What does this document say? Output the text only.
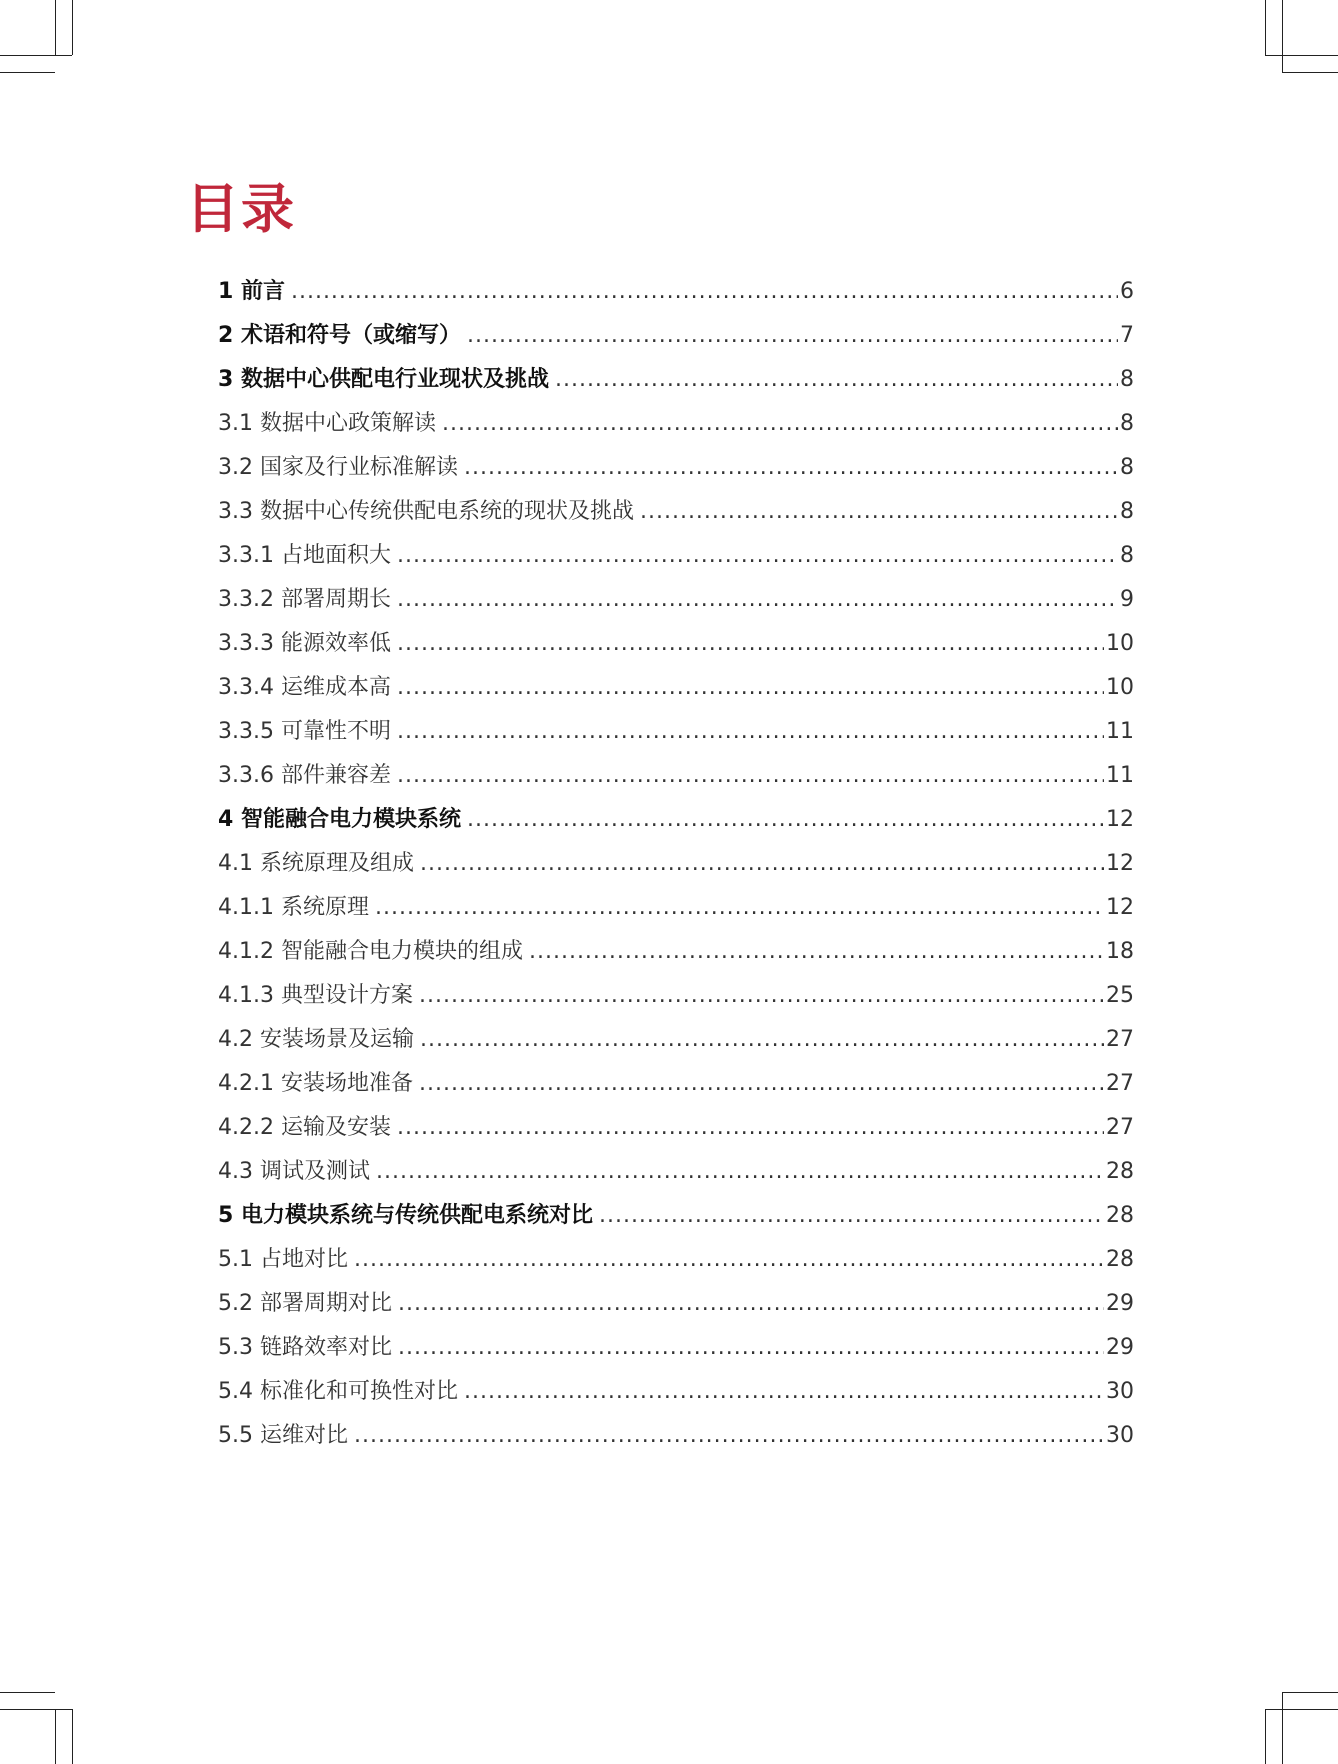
目录
1 前言 .....	6
2 术语和符号（或缩写） .....	7
3 数据中心供配电行业现状及挑战 .....	8
3.1 数据中心政策解读 .....	8
3.2 国家及行业标准解读 .....	8
3.3 数据中心传统供配电系统的现状及挑战 .....	8
3.3.1 占地面积大 .....	8
3.3.2 部署周期长 .....	9
3.3.3 能源效率低 .....	10
3.3.4 运维成本高 .....	10
3.3.5 可靠性不明 .....	11
3.3.6 部件兼容差 .....	11
4 智能融合电力模块系统 .....	12
4.1 系统原理及组成 .....	12
4.1.1 系统原理 .....	12
4.1.2 智能融合电力模块的组成 .....	18
4.1.3 典型设计方案 .....	25
4.2 安装场景及运输 .....	27
4.2.1 安装场地准备 .....	27
4.2.2 运输及安装 .....	27
4.3 调试及测试 .....	28
5 电力模块系统与传统供配电系统对比 .....	28
5.1 占地对比 .....	28
5.2 部署周期对比 .....	29
5.3 链路效率对比 .....	29
5.4 标准化和可换性对比 .....	30
5.5 运维对比 .....	30
